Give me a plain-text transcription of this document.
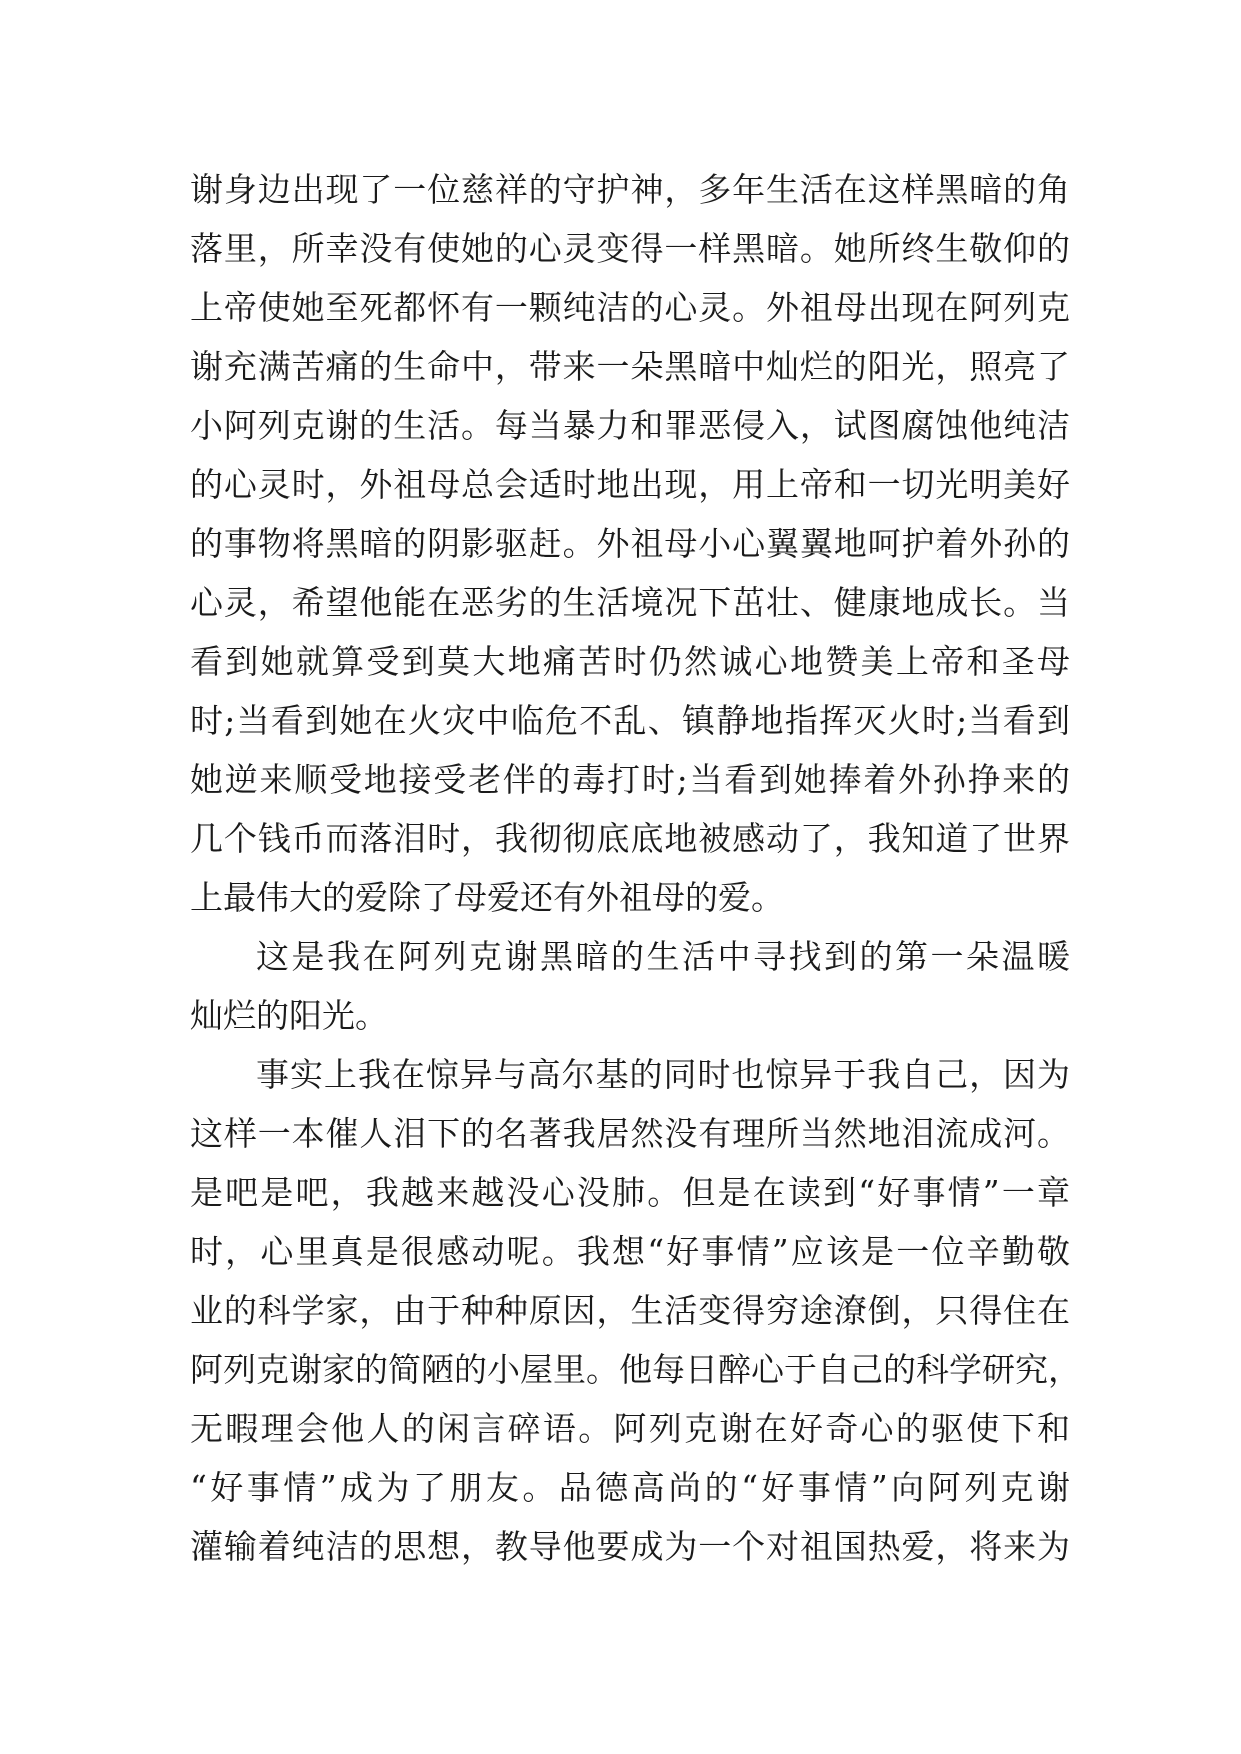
谢身边出现了一位慈祥的守护神，多年生活在这样黑暗的角
落里，所幸没有使她的心灵变得一样黑暗。她所终生敬仰的
上帝使她至死都怀有一颗纯洁的心灵。外祖母出现在阿列克
谢充满苦痛的生命中，带来一朵黑暗中灿烂的阳光，照亮了
小阿列克谢的生活。每当暴力和罪恶侵入，试图腐蚀他纯洁
的心灵时，外祖母总会适时地出现，用上帝和一切光明美好
的事物将黑暗的阴影驱赶。外祖母小心翼翼地呵护着外孙的
心灵，希望他能在恶劣的生活境况下茁壮、健康地成长。当
看到她就算受到莫大地痛苦时仍然诚心地赞美上帝和圣母
时;当看到她在火灾中临危不乱、镇静地指挥灭火时;当看到
她逆来顺受地接受老伴的毒打时;当看到她捧着外孙挣来的
几个钱币而落泪时，我彻彻底底地被感动了，我知道了世界
上最伟大的爱除了母爱还有外祖母的爱。
这是我在阿列克谢黑暗的生活中寻找到的第一朵温暖
灿烂的阳光。
事实上我在惊异与高尔基的同时也惊异于我自己，因为
这样一本催人泪下的名著我居然没有理所当然地泪流成河。
是吧是吧，我越来越没心没肺。但是在读到“好事情”一章
时，心里真是很感动呢。我想“好事情”应该是一位辛勤敬
业的科学家，由于种种原因，生活变得穷途潦倒，只得住在
阿列克谢家的简陋的小屋里。他每日醉心于自己的科学研究，
无暇理会他人的闲言碎语。阿列克谢在好奇心的驱使下和
“好事情”成为了朋友。品德高尚的“好事情”向阿列克谢
灌输着纯洁的思想，教导他要成为一个对祖国热爱，将来为
